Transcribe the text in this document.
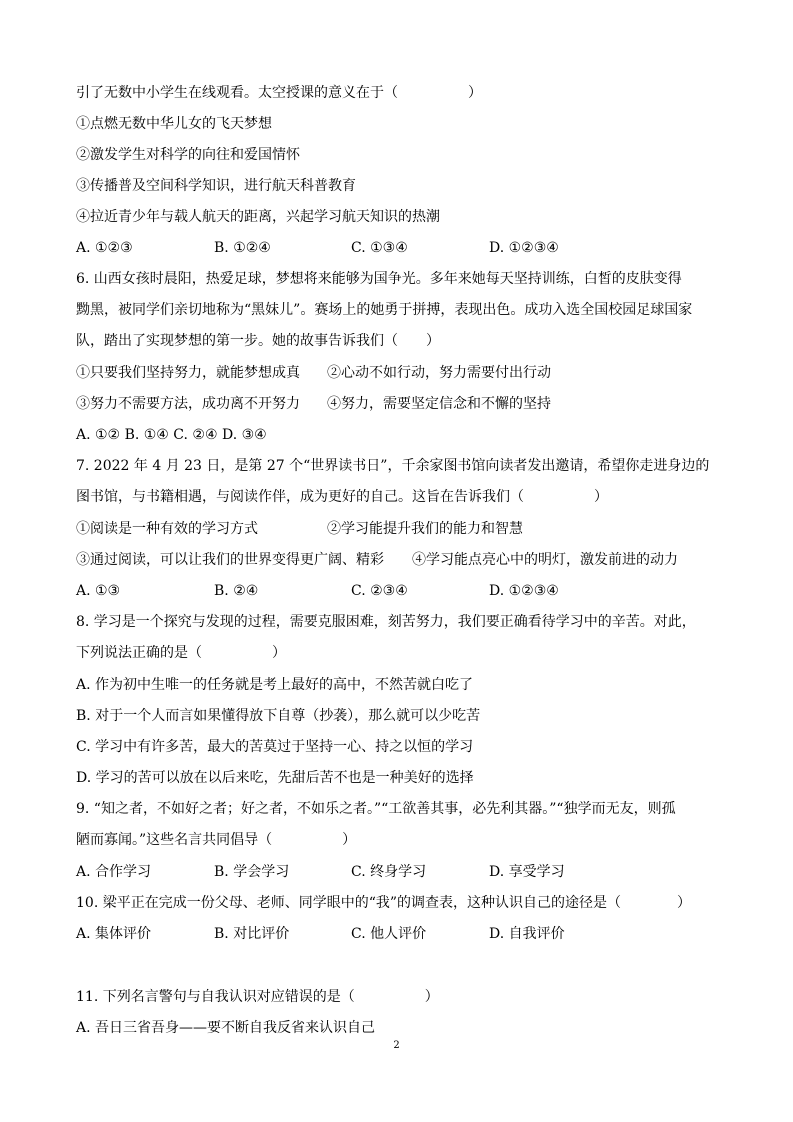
引了无数中小学生在线观看。太空授课的意义在于（　　　　　）
①点燃无数中华儿女的飞天梦想
②激发学生对科学的向往和爱国情怀
③传播普及空间科学知识，进行航天科普教育
④拉近青少年与载人航天的距离，兴起学习航天知识的热潮
A. ①②③	B. ①②④	C. ①③④	D. ①②③④
6. 山西女孩时晨阳，热爱足球，梦想将来能够为国争光。多年来她每天坚持训练，白皙的皮肤变得
黝黑，被同学们亲切地称为“黑妹儿”。赛场上的她勇于拼搏，表现出色。成功入选全国校园足球国家
队，踏出了实现梦想的第一步。她的故事告诉我们（　　）
①只要我们坚持努力，就能梦想成真 ②心动不如行动，努力需要付出行动
③努力不需要方法，成功离不开努力 ④努力，需要坚定信念和不懈的坚持
A. ①② B. ①④ C. ②④ D. ③④
7. 2022 年 4 月 23 日，是第 27 个“世界读书日”，千余家图书馆向读者发出邀请，希望你走进身边的
图书馆，与书籍相遇，与阅读作伴，成为更好的自己。这旨在告诉我们（　　　　　）
①阅读是一种有效的学习方式	②学习能提升我们的能力和智慧
③通过阅读，可以让我们的世界变得更广阔、精彩 ④学习能点亮心中的明灯，激发前进的动力
A. ①③	B. ②④	C. ②③④	D. ①②③④
8. 学习是一个探究与发现的过程，需要克服困难，刻苦努力，我们要正确看待学习中的辛苦。对此，
下列说法正确的是（　　　　　）
A. 作为初中生唯一的任务就是考上最好的高中，不然苦就白吃了
B. 对于一个人而言如果懂得放下自尊（抄袭），那么就可以少吃苦
C. 学习中有许多苦，最大的苦莫过于坚持一心、持之以恒的学习
D. 学习的苦可以放在以后来吃，先甜后苦不也是一种美好的选择
9. “知之者，不如好之者；好之者，不如乐之者。”“工欲善其事，必先利其器。”“独学而无友，则孤
陋而寡闻。”这些名言共同倡导（　　　　　）
A. 合作学习	B. 学会学习	C. 终身学习	D. 享受学习
10. 梁平正在完成一份父母、老师、同学眼中的“我”的调查表，这种认识自己的途径是（　　　　）
A. 集体评价	B. 对比评价	C. 他人评价	D. 自我评价
11. 下列名言警句与自我认识对应错误的是（　　　　　）
A. 吾日三省吾身——要不断自我反省来认识自己
2
